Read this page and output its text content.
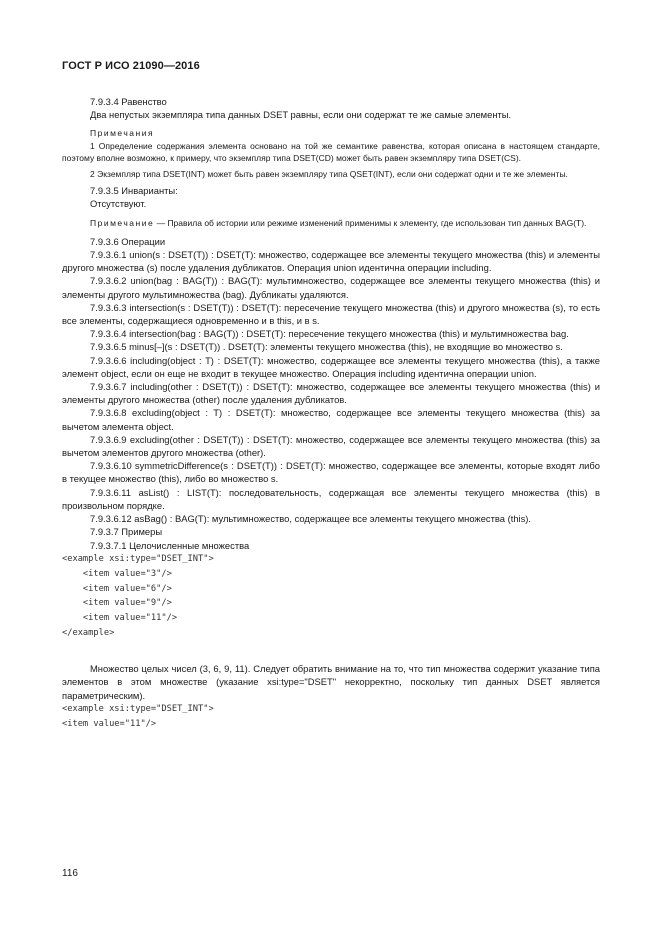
ГОСТ Р ИСО 21090—2016

7.9.3.4 Равенство

Два непустых экземпляра типа данных DSET равны, если они содержат те же самые элементы.

Примечания

1 Определение содержания элемента основано на той же семантике равенства, которая описана в настоящем стандарте, поэтому вполне возможно, к примеру, что экземпляр типа DSET(CD) может быть равен экземпляру типа DSET(CS).

2 Экземпляр типа DSET(INT) может быть равен экземпляру типа QSET(INT), если они содержат одни и те же элементы.

7.9.3.5 Инварианты:

Отсутствуют.

Примечание — Правила об истории или режиме изменений применимы к элементу, где использован тип данных BAG(T).

7.9.3.6 Операции

7.9.3.6.1 union(s : DSET(T)) : DSET(T): множество, содержащее все элементы текущего множества (this) и элементы другого множества (s) после удаления дубликатов. Операция union идентична операции including.

7.9.3.6.2 union(bag : BAG(T)) : BAG(T): мультимножество, содержащее все элементы текущего множества (this) и элементы другого мультимножества (bag). Дубликаты удаляются.

7.9.3.6.3 intersection(s : DSET(T)) : DSET(T): пересечение текущего множества (this) и другого множества (s), то есть все элементы, содержащиеся одновременно и в this, и в s.

7.9.3.6.4 intersection(bag : BAG(T)) : DSET(T): пересечение текущего множества (this) и мультимножества bag.

7.9.3.6.5 minus[–](s : DSET(T)) . DSET(T): элементы текущего множества (this), не входящие во множество s.

7.9.3.6.6 including(object : T) : DSET(T): множество, содержащее все элементы текущего множества (this), а также элемент object, если он еще не входит в текущее множество. Операция including идентична операции union.

7.9.3.6.7 including(other : DSET(T)) : DSET(T): множество, содержащее все элементы текущего множества (this) и элементы другого множества (other) после удаления дубликатов.

7.9.3.6.8 excluding(object : T) : DSET(T): множество, содержащее все элементы текущего множества (this) за вычетом элемента object.

7.9.3.6.9 excluding(other : DSET(T)) : DSET(T): множество, содержащее все элементы текущего множества (this) за вычетом элементов другого множества (other).

7.9.3.6.10 symmetricDifference(s : DSET(T)) : DSET(T): множество, содержащее все элементы, которые входят либо в текущее множество (this), либо во множество s.

7.9.3.6.11 asList() : LIST(T): последовательность, содержащая все элементы текущего множества (this) в произвольном порядке.

7.9.3.6.12 asBag() : BAG(T): мультимножество, содержащее все элементы текущего множества (this).

7.9.3.7 Примеры

7.9.3.7.1 Целочисленные множества

<example xsi:type="DSET_INT">
<item value="3"/>
<item value="6"/>
<item value="9"/>
<item value="11"/>
</example>

Множество целых чисел (3, 6, 9, 11). Следует обратить внимание на то, что тип множества содержит указание типа элементов в этом множестве (указание xsi:type="DSET" некорректно, поскольку тип данных DSET является параметрическим).

<example xsi:type="DSET_INT">
<item value="11"/>
116
